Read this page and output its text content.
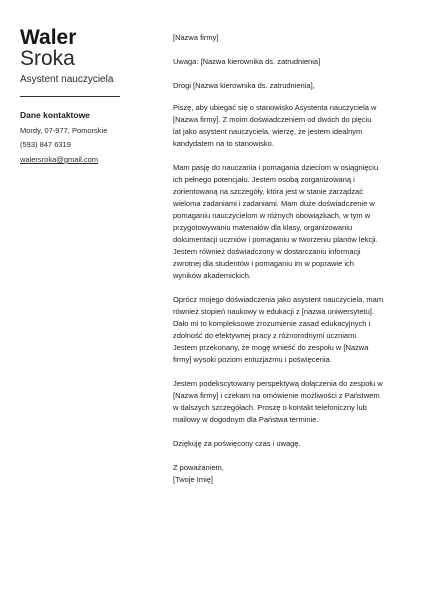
Waler
Sroka
Asystent nauczyciela
Dane kontaktowe
Mordy, 07-977, Pomorskie
(593) 847 6319
walersroka@gmail.com
[Nazwa firmy]
Uwaga: [Nazwa kierownika ds. zatrudnienia]
Drogi [Nazwa kierownika ds. zatrudnienia],
Piszę, aby ubiegać się o stanowisko Asystenta nauczyciela w
[Nazwa firmy]. Z moim doświadczeniem od dwóch do pięciu
lat jako asystent nauczyciela, wierzę, że jestem idealnym
kandydatem na to stanowisko.
Mam pasję do nauczania i pomagania dzieciom w osiągnięciu
ich pełnego potencjału. Jestem osobą zorganizowaną i
zorientowaną na szczegóły, która jest w stanie zarządzać
wieloma zadaniami i zadaniami. Mam duże doświadczenie w
pomaganiu nauczycielom w różnych obowiązkach, w tym w
przygotowywaniu materiałów dla klasy, organizowaniu
dokumentacji uczniów i pomaganiu w tworzeniu planów lekcji.
Jestem również doświadczony w dostarczaniu informacji
zwrotnej dla studentów i pomaganiu im w poprawie ich
wyników akademickich.
Oprócz mojego doświadczenia jako asystent nauczyciela, mam
również stopień naukowy w edukacji z [nazwa uniwersytetu].
Dało mi to kompleksowe zrozumienie zasad edukacyjnych i
zdolność do efektywnej pracy z różnorodnymi uczniami.
Jestem przekonany, że mogę wnieść do zespołu w [Nazwa
firmy] wysoki poziom entuzjazmu i poświęcenia.
Jestem podekscytowany perspektywą dołączenia do zespołu w
[Nazwa firmy] i czekam na omówienie możliwości z Państwem
w dalszych szczegółach. Proszę o kontakt telefoniczny lub
mailowy w dogodnym dla Państwa terminie.
Dziękuję za poświęcony czas i uwagę.
Z poważaniem,
[Twoje Imię]
